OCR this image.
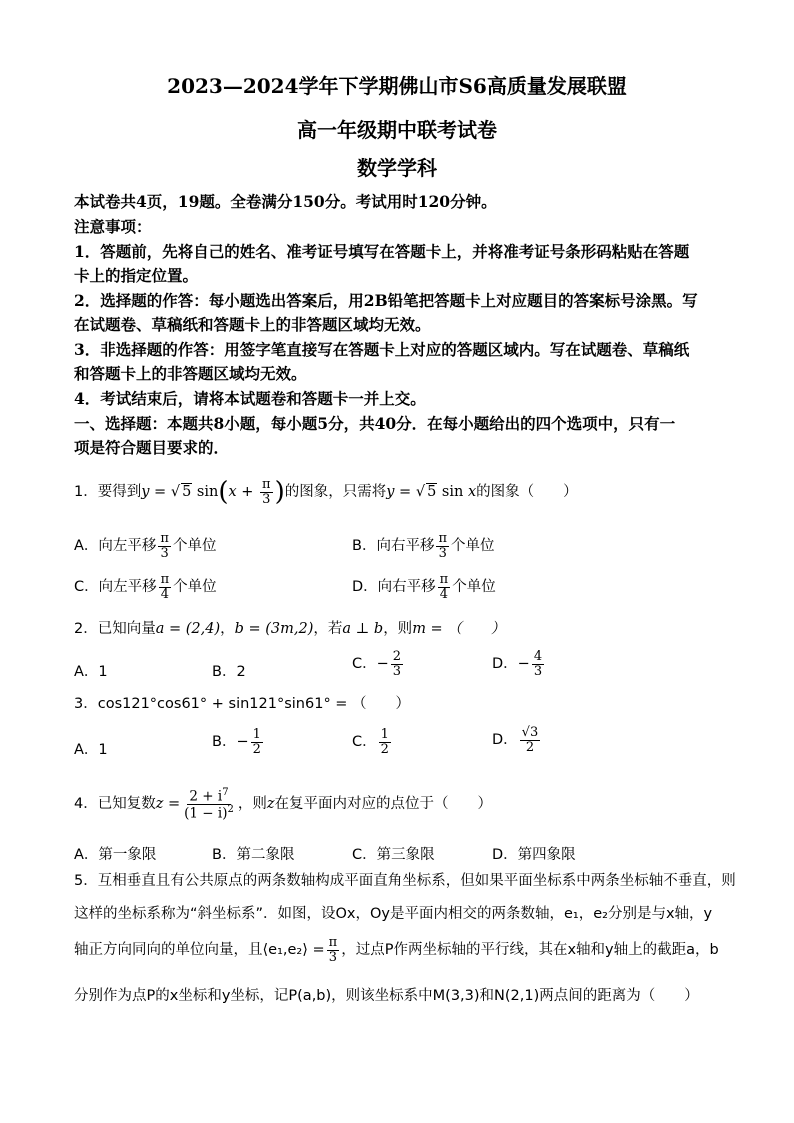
2023—2024学年下学期佛山市S6高质量发展联盟
高一年级期中联考试卷
数学学科
本试卷共4页，19题。全卷满分150分。考试用时120分钟。
注意事项：
1．答题前，先将自己的姓名、准考证号填写在答题卡上，并将准考证号条形码粘贴在答题
卡上的指定位置。
2．选择题的作答：每小题选出答案后，用2B铅笔把答题卡上对应题目的答案标号涂黑。写
在试题卷、草稿纸和答题卡上的非答题区域均无效。
3．非选择题的作答：用签字笔直接写在答题卡上对应的答题区域内。写在试题卷、草稿纸
和答题卡上的非答题区域均无效。
4．考试结束后，请将本试题卷和答题卡一并上交。
一、选择题：本题共8小题，每小题5分，共40分．在每小题给出的四个选项中，只有一
项是符合题目要求的．
1．要得到y = √ 5 $\sin(x + \frac{\pi}{3}$ )的图象，只需将y = √ 5 sin x的图象（　　）
A．向左平移 $\frac{\pi}{3}$ 个单位	B．向右平移 $\frac{\pi}{3}$ 个单位
C．向左平移 $\frac{\pi}{4}$ 个单位	D．向右平移 $\frac{\pi}{4}$ 个单位
2．已知向量a = (2,4)，b = (3m,2)，若a ⊥ b，则m = （　　）
A．1	B．2	C．− $\frac{2}{3}$	D．− $\frac{4}{3}$
3．cos121°cos61° + sin121°sin61° = （　　）
A．1	B．− $\frac{1}{2}$	C． $\frac{1}{2}$	D． $\frac{√3}{2}$
4．已知复数$z = \frac{2 + i^7}{(1 - i)^2}$ ，则z在复平面内对应的点位于（　　）
A．第一象限	B．第二象限	C．第三象限	D．第四象限
5．互相垂直且有公共原点的两条数轴构成平面直角坐标系，但如果平面坐标系中两条坐标轴不垂直，则
这样的坐标系称为“斜坐标系”．如图，设Ox，Oy是平面内相交的两条数轴，e₁，e₂分别是与x轴，y
轴正方向同向的单位向量，且⟨e₁,e₂⟩ = $\frac{\pi}{3}$ ，过点P作两坐标轴的平行线，其在x轴和y轴上的截距a，b
分别作为点P的x坐标和y坐标，记P(a,b)，则该坐标系中M(3,3)和N(2,1)两点间的距离为（　　）
